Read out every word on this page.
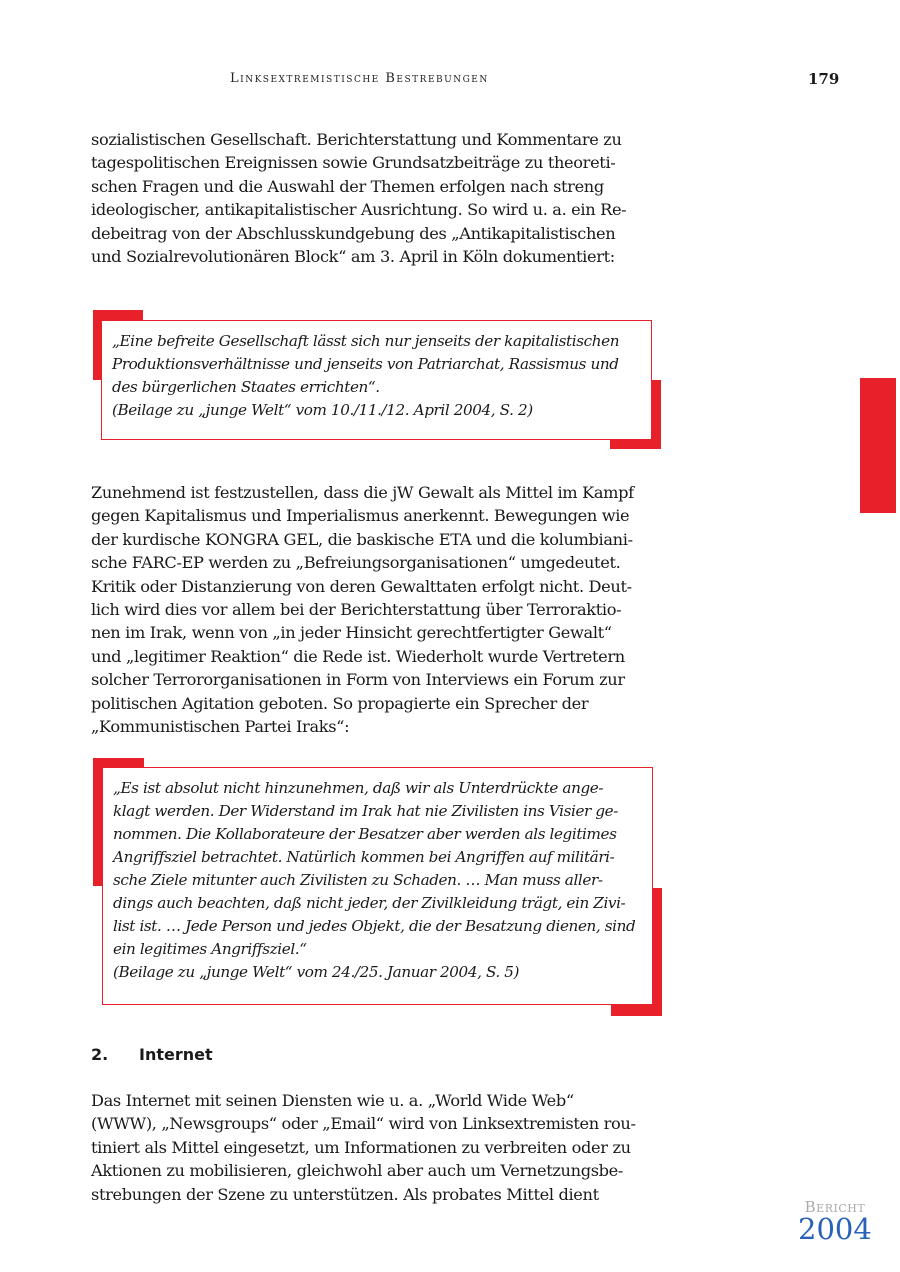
Linksextremistische Bestrebungen	179
sozialistischen Gesellschaft. Berichterstattung und Kommentare zu
tagespolitischen Ereignissen sowie Grundsatzbeiträge zu theoreti-
schen Fragen und die Auswahl der Themen erfolgen nach streng
ideologischer, antikapitalistischer Ausrichtung. So wird u. a. ein Re-
debeitrag von der Abschlusskundgebung des „Antikapitalistischen
und Sozialrevolutionären Block“ am 3. April in Köln dokumentiert:
„Eine befreite Gesellschaft lässt sich nur jenseits der kapitalistischen
Produktionsverhältnisse und jenseits von Patriarchat, Rassismus und
des bürgerlichen Staates errichten“.
(Beilage zu „junge Welt“ vom 10./11./12. April 2004, S. 2)
Zunehmend ist festzustellen, dass die jW Gewalt als Mittel im Kampf
gegen Kapitalismus und Imperialismus anerkennt. Bewegungen wie
der kurdische KONGRA GEL, die baskische ETA und die kolumbiani-
sche FARC-EP werden zu „Befreiungsorganisationen“ umgedeutet.
Kritik oder Distanzierung von deren Gewalttaten erfolgt nicht. Deut-
lich wird dies vor allem bei der Berichterstattung über Terroraktio-
nen im Irak, wenn von „in jeder Hinsicht gerechtfertigter Gewalt“
und „legitimer Reaktion“ die Rede ist. Wiederholt wurde Vertretern
solcher Terrororganisationen in Form von Interviews ein Forum zur
politischen Agitation geboten. So propagierte ein Sprecher der
„Kommunistischen Partei Iraks“:
„Es ist absolut nicht hinzunehmen, daß wir als Unterdrückte ange-
klagt werden. Der Widerstand im Irak hat nie Zivilisten ins Visier ge-
nommen. Die Kollaborateure der Besatzer aber werden als legitimes
Angriffsziel betrachtet. Natürlich kommen bei Angriffen auf militäri-
sche Ziele mitunter auch Zivilisten zu Schaden. … Man muss aller-
dings auch beachten, daß nicht jeder, der Zivilkleidung trägt, ein Zivi-
list ist. … Jede Person und jedes Objekt, die der Besatzung dienen, sind
ein legitimes Angriffsziel.“
(Beilage zu „junge Welt“ vom 24./25. Januar 2004, S. 5)
2. Internet
Das Internet mit seinen Diensten wie u. a. „World Wide Web“
(WWW), „Newsgroups“ oder „Email“ wird von Linksextremisten rou-
tiniert als Mittel eingesetzt, um Informationen zu verbreiten oder zu
Aktionen zu mobilisieren, gleichwohl aber auch um Vernetzungsbe-
strebungen der Szene zu unterstützen. Als probates Mittel dient
Bericht
2004
